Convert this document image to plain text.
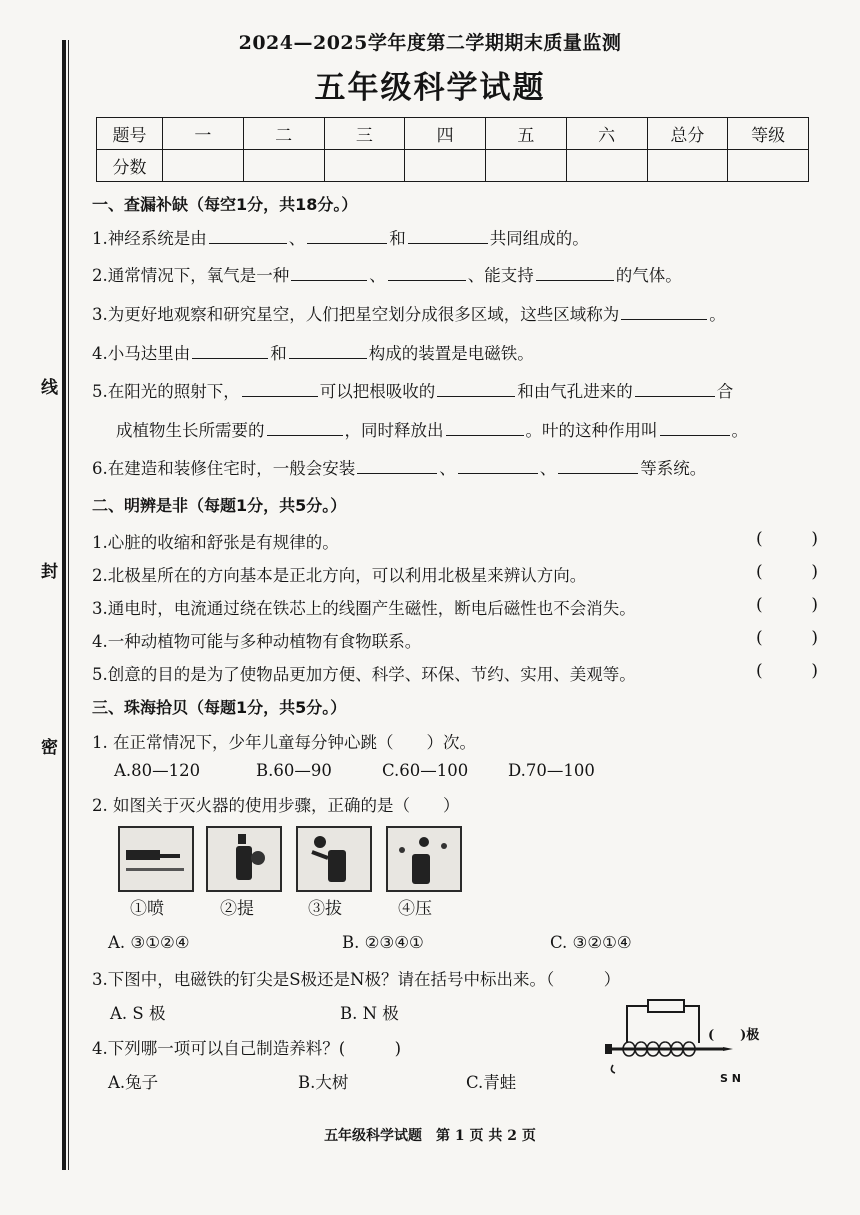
线
封
密
2024—2025学年度第二学期期末质量监测
五年级科学试题
题号	一	二	三	四	五	六	总分	等级
分数								
一、查漏补缺（每空1分，共18分。）
1.神经系统是由	、	和	共同组成的。
2.通常情况下，氧气是一种	、	、能支持	的气体。
3.为更好地观察和研究星空，人们把星空划分成很多区域，这些区域称为	。
4.小马达里由	和	构成的装置是电磁铁。
5.在阳光的照射下，	可以把根吸收的	和由气孔进来的	合
成植物生长所需要的	，同时释放出	。叶的这种作用叫	。
6.在建造和装修住宅时，一般会安装	、	、	等系统。
二、明辨是非（每题1分，共5分。）
1.心脏的收缩和舒张是有规律的。	(	)
2.北极星所在的方向基本是正北方向，可以利用北极星来辨认方向。	(	)
3.通电时，电流通过绕在铁芯上的线圈产生磁性，断电后磁性也不会消失。	(	)
4.一种动植物可能与多种动植物有食物联系。	(	)
5.创意的目的是为了使物品更加方便、科学、环保、节约、实用、美观等。	(	)
三、珠海拾贝（每题1分，共5分。）
1. 在正常情况下，少年儿童每分钟心跳（　　）次。
A.80—120	B.60—90	C.60—100 D.70—100
2. 如图关于灭火器的使用步骤，正确的是（　　）
①喷	②提	③拔	④压
A. ③①②④	B. ②③④①	C. ③②①④
3.下图中，电磁铁的钉尖是S极还是N极？请在括号中标出来。（　　　）
A. S 极	B. N 极
(　　)极
S N
4.下列哪一项可以自己制造养料？(　　　)
A.兔子	B.大树	C.青蛙
五年级科学试题　第 1 页 共 2 页
